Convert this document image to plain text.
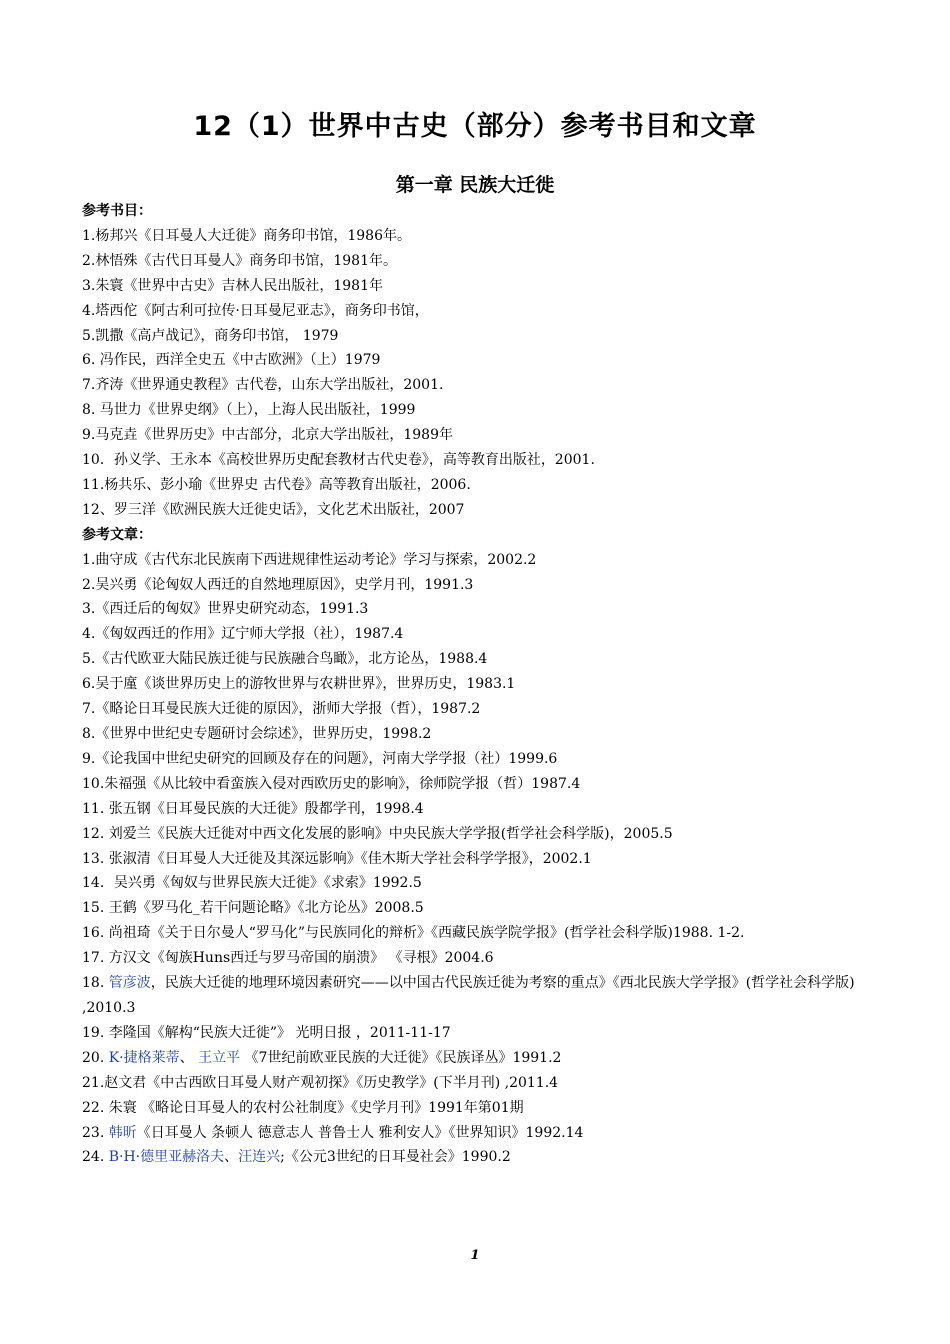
12（1）世界中古史（部分）参考书目和文章
第一章 民族大迁徙
参考书目：
1.杨邦兴《日耳曼人大迁徙》商务印书馆，1986年。
2.林悟殊《古代日耳曼人》商务印书馆，1981年。
3.朱寰《世界中古史》吉林人民出版社，1981年
4.塔西佗《阿古利可拉传·日耳曼尼亚志》，商务印书馆，
5.凯撒《高卢战记》，商务印书馆， 1979
6. 冯作民，西洋全史五《中古欧洲》（上）1979
7.齐涛《世界通史教程》古代卷，山东大学出版社，2001.
8. 马世力《世界史纲》（上），上海人民出版社，1999
9.马克垚《世界历史》中古部分，北京大学出版社，1989年
10．孙义学、王永本《高校世界历史配套教材古代史卷》，高等教育出版社，2001.
11.杨共乐、彭小瑜《世界史 古代卷》高等教育出版社，2006.
12、罗三洋《欧洲民族大迁徙史话》，文化艺术出版社，2007
参考文章：
1.曲守成《古代东北民族南下西进规律性运动考论》学习与探索，2002.2
2.吴兴勇《论匈奴人西迁的自然地理原因》，史学月刊，1991.3
3.《西迁后的匈奴》世界史研究动态，1991.3
4.《匈奴西迁的作用》辽宁师大学报（社），1987.4
5.《古代欧亚大陆民族迁徙与民族融合鸟瞰》，北方论丛，1988.4
6.吴于廑《谈世界历史上的游牧世界与农耕世界》，世界历史，1983.1
7.《略论日耳曼民族大迁徙的原因》，浙师大学报（哲），1987.2
8.《世界中世纪史专题研讨会综述》，世界历史，1998.2
9.《论我国中世纪史研究的回顾及存在的问题》，河南大学学报（社）1999.6
10.朱福强《从比较中看蛮族入侵对西欧历史的影响》，徐师院学报（哲）1987.4
11. 张五钢《日耳曼民族的大迁徙》殷都学刊，1998.4
12. 刘爱兰《民族大迁徙对中西文化发展的影响》中央民族大学学报(哲学社会科学版)，2005.5
13. 张淑清《日耳曼人大迁徙及其深远影响》《佳木斯大学社会科学学报》，2002.1
14．吴兴勇《匈奴与世界民族大迁徙》《求索》1992.5
15. 王鹤《罗马化_若干问题论略》《北方论丛》2008.5
16. 尚祖琦《关于日尔曼人“罗马化”与民族同化的辩析》《西藏民族学院学报》(哲学社会科学版)1988. 1-2.
17. 方汉文《匈族Huns西迁与罗马帝国的崩溃》 《寻根》2004.6
18. 管彦波，民族大迁徙的地理环境因素研究——以中国古代民族迁徙为考察的重点》《西北民族大学学报》(哲学社会科学版) ,2010.3
19. 李隆国《解构“民族大迁徙”》 光明日报 ，2011-11-17
20. K·捷格莱蒂、 王立平 《7世纪前欧亚民族的大迁徙》《民族译丛》1991.2
21.赵文君《中古西欧日耳曼人财产观初探》《历史教学》(下半月刊) ,2011.4
22. 朱寰 《略论日耳曼人的农村公社制度》《史学月刊》1991年第01期
23. 韩昕《日耳曼人 条顿人 德意志人 普鲁士人 雅利安人》《世界知识》1992.14
24. B·H·德里亚赫洛夫、汪连兴;《公元3世纪的日耳曼社会》1990.2
1
